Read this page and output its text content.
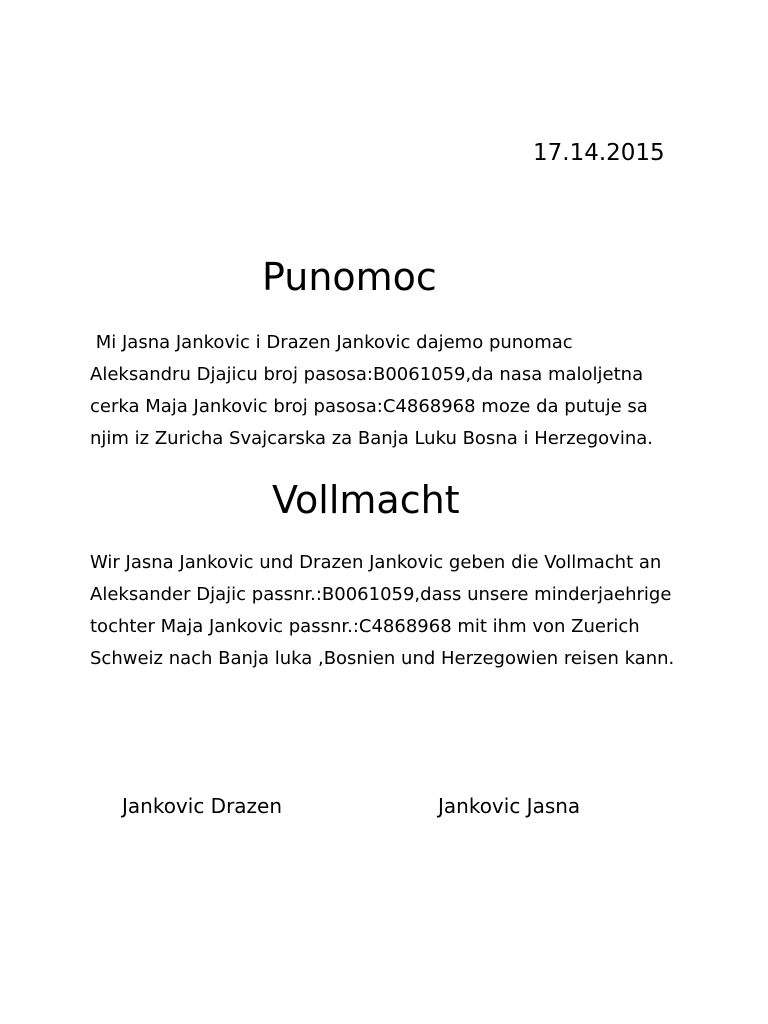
17.14.2015
Punomoc

Mi Jasna Jankovic i Drazen Jankovic dajemo punomac
Aleksandru Djajicu broj pasosa:B0061059,da nasa maloljetna
cerka Maja Jankovic broj pasosa:C4868968 moze da putuje sa
njim iz Zuricha Svajcarska za Banja Luku Bosna i Herzegovina.

Vollmacht

Wir Jasna Jankovic und Drazen Jankovic geben die Vollmacht an
Aleksander Djajic passnr.:B0061059,dass unsere minderjaehrige
tochter Maja Jankovic passnr.:C4868968 mit ihm von Zuerich
Schweiz nach Banja luka ,Bosnien und Herzegowien reisen kann.

Jankovic Drazen	Jankovic Jasna
